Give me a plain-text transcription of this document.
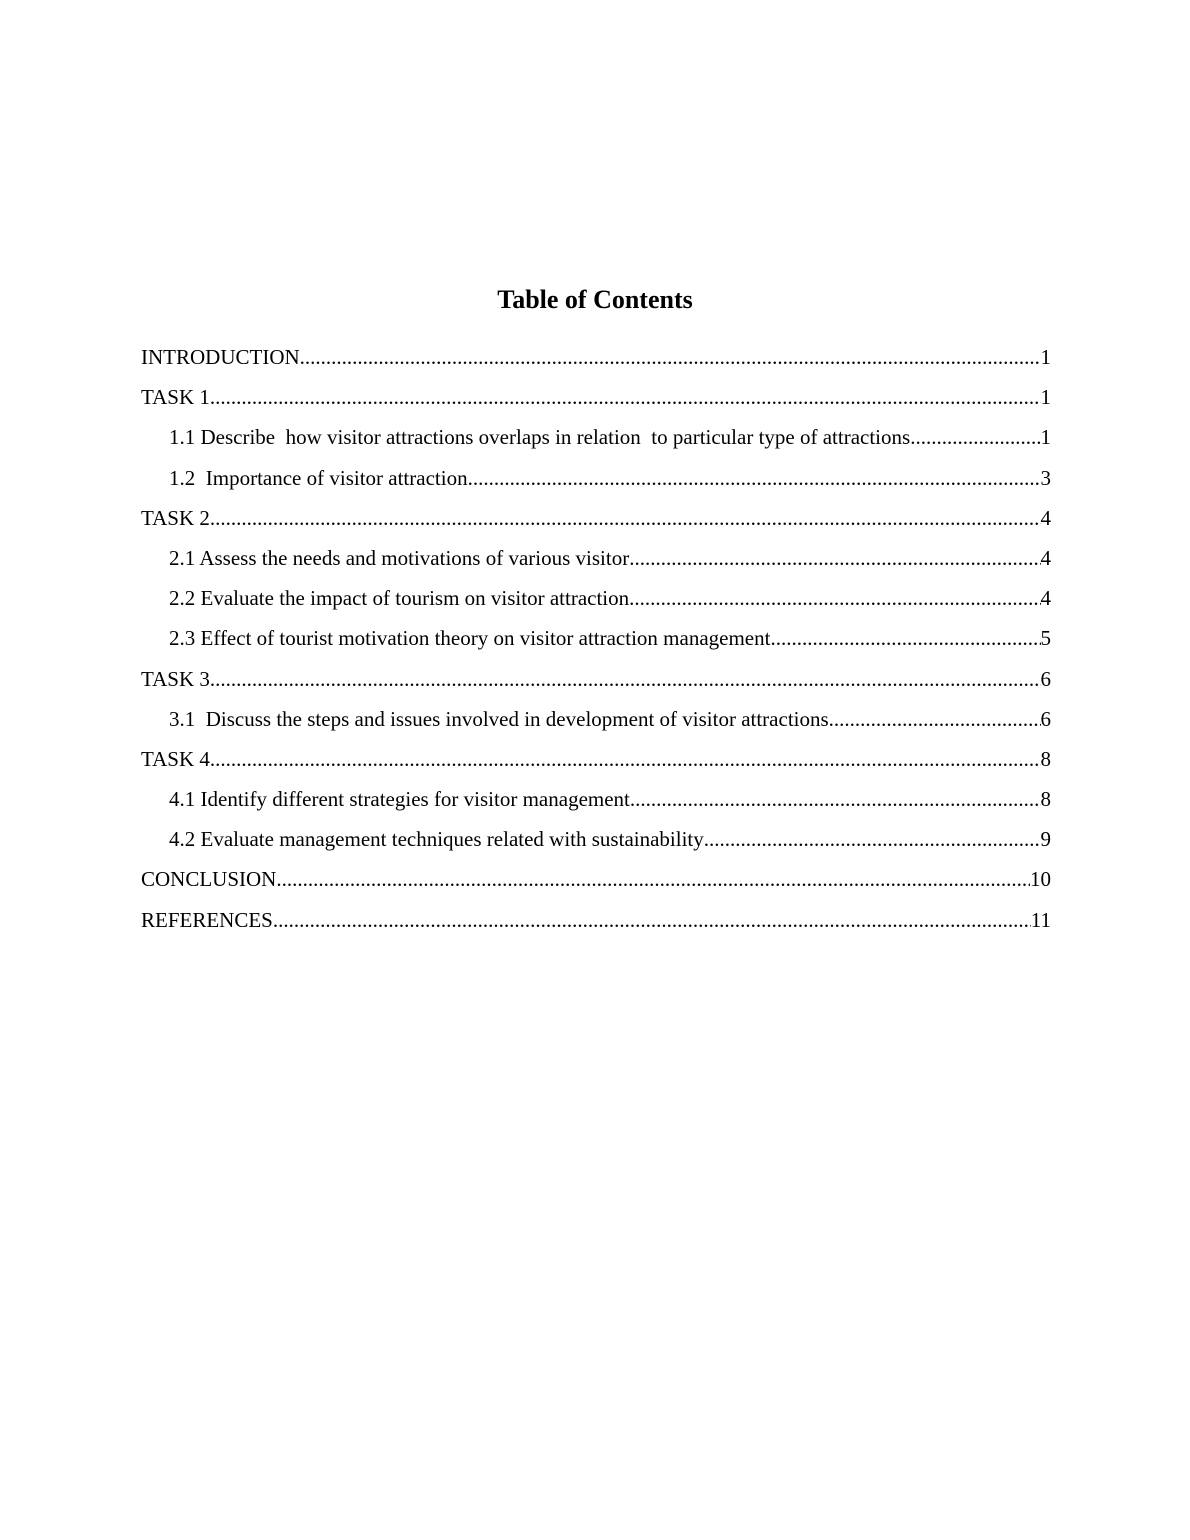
Table of Contents
INTRODUCTION .....	1
TASK 1 .....	1
1.1 Describe  how visitor attractions overlaps in relation  to particular type of attractions .....	1
1.2  Importance of visitor attraction .....	3
TASK 2 .....	4
2.1 Assess the needs and motivations of various visitor .....	4
2.2 Evaluate the impact of tourism on visitor attraction .....	4
2.3 Effect of tourist motivation theory on visitor attraction management .....	5
TASK 3 .....	6
3.1  Discuss the steps and issues involved in development of visitor attractions .....	6
TASK 4 .....	8
4.1 Identify different strategies for visitor management .....	8
4.2 Evaluate management techniques related with sustainability .....	9
CONCLUSION .....	10
REFERENCES .....	11
